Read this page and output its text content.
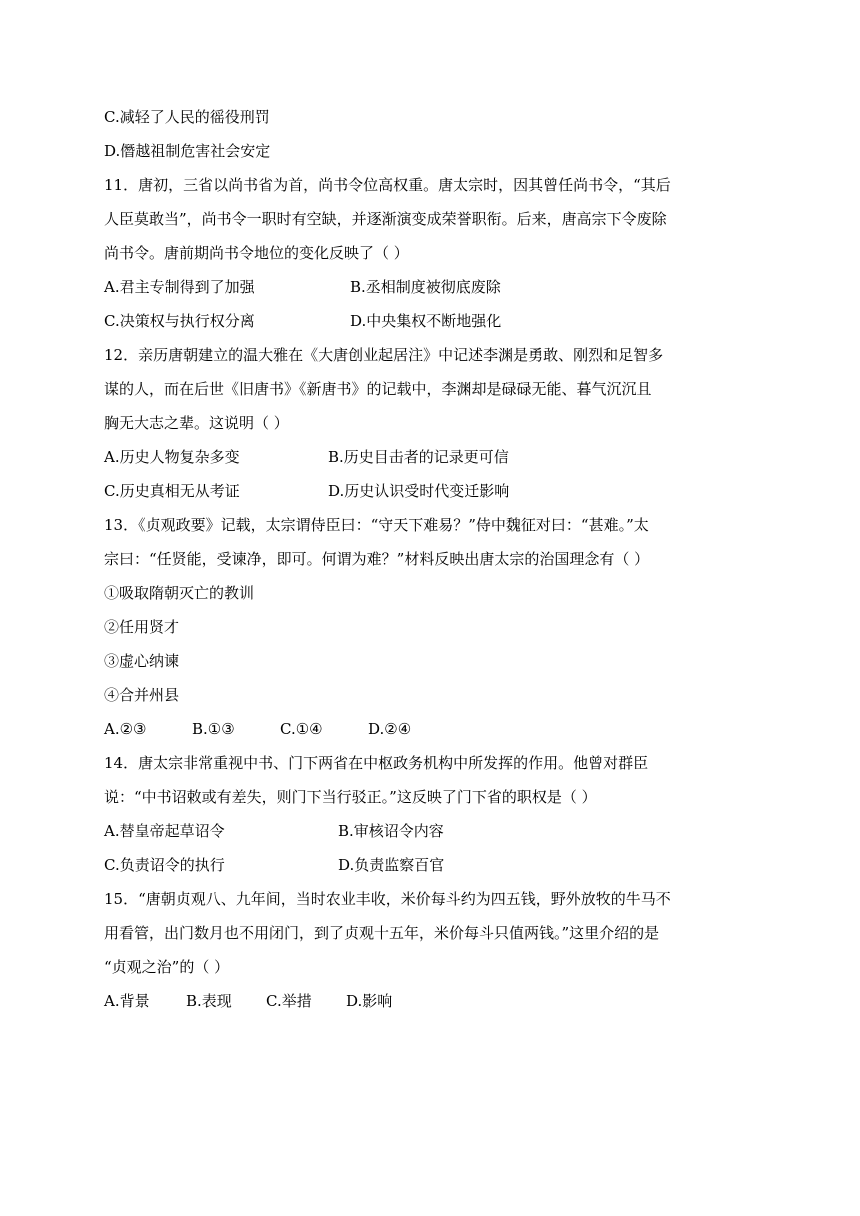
C.减轻了人民的徭役刑罚
D.僭越祖制危害社会安定
11．唐初，三省以尚书省为首，尚书令位高权重。唐太宗时，因其曾任尚书令，“其后
人臣莫敢当”，尚书令一职时有空缺，并逐渐演变成荣誉职衔。后来，唐高宗下令废除
尚书令。唐前期尚书令地位的变化反映了（ ）
A.君主专制得到了加强	B.丞相制度被彻底废除
C.决策权与执行权分离	D.中央集权不断地强化
12．亲历唐朝建立的温大雅在《大唐创业起居注》中记述李渊是勇敢、刚烈和足智多
谋的人，而在后世《旧唐书》《新唐书》的记载中，李渊却是碌碌无能、暮气沉沉且
胸无大志之辈。这说明（ ）
A.历史人物复杂多变	B.历史目击者的记录更可信
C.历史真相无从考证	D.历史认识受时代变迁影响
13．《贞观政要》记载，太宗谓侍臣曰：“守天下难易？”侍中魏征对曰：“甚难。”太
宗曰：“任贤能，受谏净，即可。何谓为难？”材料反映出唐太宗的治国理念有（ ）
①吸取隋朝灭亡的教训
②任用贤才
③虚心纳谏
④合并州县
A.②③	B.①③	C.①④	D.②④
14．唐太宗非常重视中书、门下两省在中枢政务机构中所发挥的作用。他曾对群臣
说：“中书诏敕或有差失，则门下当行驳正。”这反映了门下省的职权是（ ）
A.替皇帝起草诏令	B.审核诏令内容
C.负责诏令的执行	D.负责监察百官
15．“唐朝贞观八、九年间，当时农业丰收，米价每斗约为四五钱，野外放牧的牛马不
用看管，出门数月也不用闭门，到了贞观十五年，米价每斗只值两钱。”这里介绍的是
“贞观之治”的（ ）
A.背景	B.表现	C.举措	D.影响
